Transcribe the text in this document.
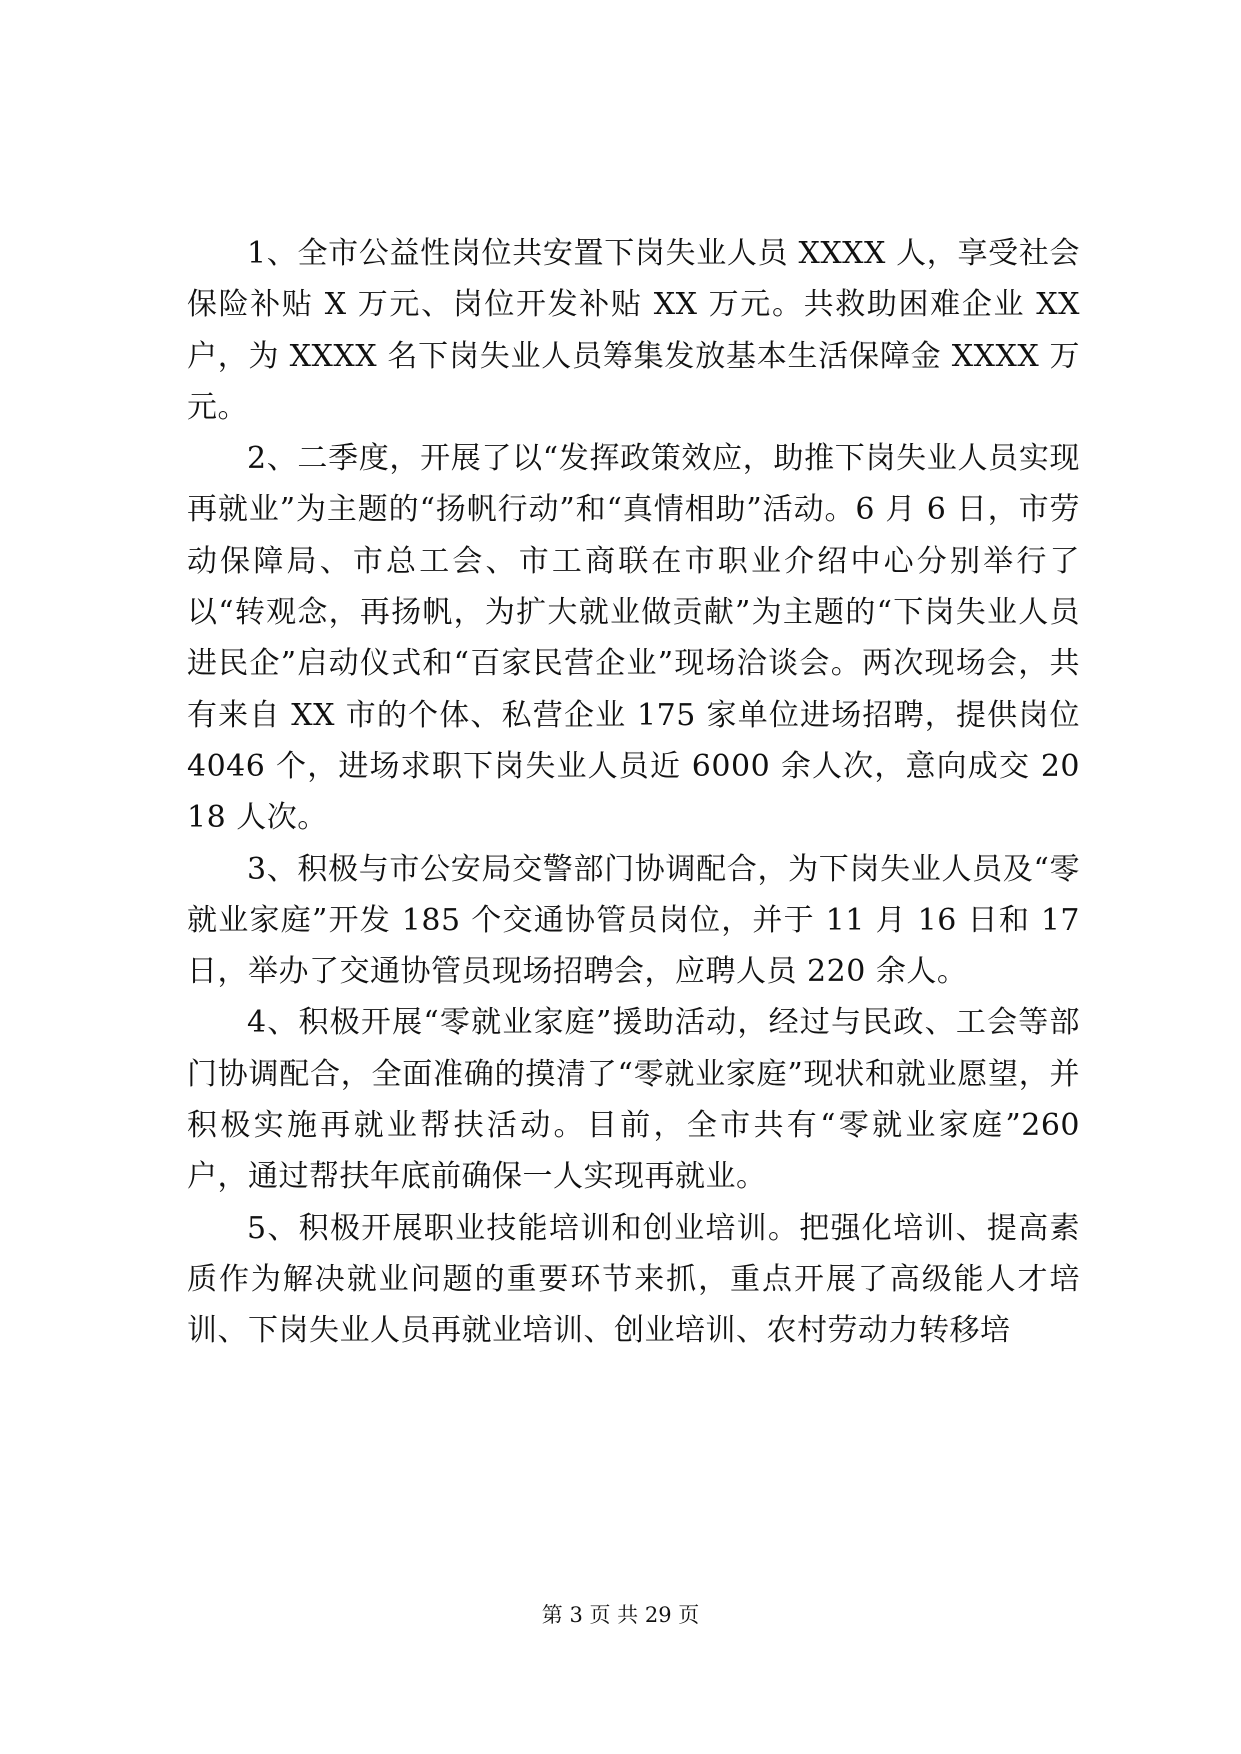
1、全市公益性岗位共安置下岗失业人员 XXXX 人，享受社会保险补贴 X 万元、岗位开发补贴 XX 万元。共救助困难企业 XX 户，为 XXXX 名下岗失业人员筹集发放基本生活保障金 XXXX 万元。

2、二季度，开展了以“发挥政策效应，助推下岗失业人员实现再就业”为主题的“扬帆行动”和“真情相助”活动。6 月 6 日，市劳动保障局、市总工会、市工商联在市职业介绍中心分别举行了以“转观念，再扬帆，为扩大就业做贡献”为主题的“下岗失业人员进民企”启动仪式和“百家民营企业”现场洽谈会。两次现场会，共有来自 XX 市的个体、私营企业 175 家单位进场招聘，提供岗位 4046 个，进场求职下岗失业人员近 6000 余人次，意向成交 2018 人次。

3、积极与市公安局交警部门协调配合，为下岗失业人员及“零就业家庭”开发 185 个交通协管员岗位，并于 11 月 16 日和 17 日，举办了交通协管员现场招聘会，应聘人员 220 余人。

4、积极开展“零就业家庭”援助活动，经过与民政、工会等部门协调配合，全面准确的摸清了“零就业家庭”现状和就业愿望，并积极实施再就业帮扶活动。目前，全市共有“零就业家庭”260 户，通过帮扶年底前确保一人实现再就业。

5、积极开展职业技能培训和创业培训。把强化培训、提高素质作为解决就业问题的重要环节来抓，重点开展了高级能人才培训、下岗失业人员再就业培训、创业培训、农村劳动力转移培

第 3 页 共 29 页
